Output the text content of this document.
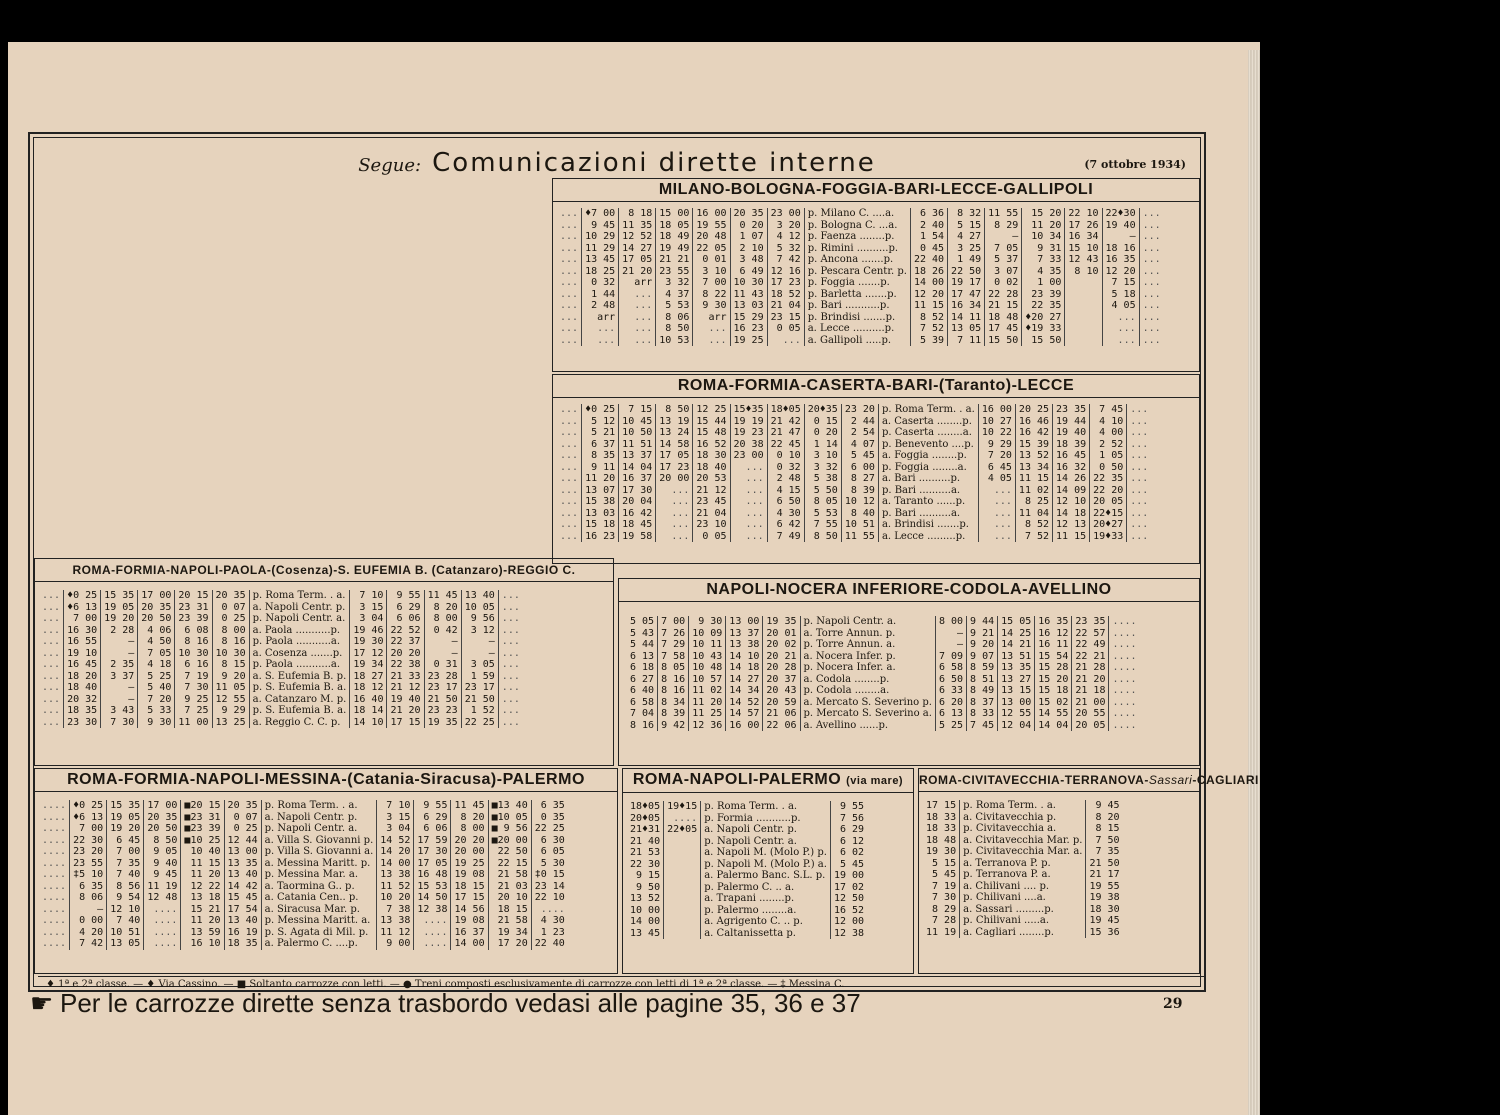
Segue: Comunicazioni dirette interne	(7 ottobre 1934)
MILANO-BOLOGNA-FOGGIA-BARI-LECCE-GALLIPOLI
...	♦7 00	8 18	15 00	16 00	20 35	23 00	p. Milano C. ....a.	6 36	8 32	11 55	15 20	22 10	22♦30	...
...	9 45	11 35	18 05	19 55	0 20	3 20	p. Bologna C. ...a.	2 40	5 15	8 29	11 20	17 26	19 40	...
...	10 29	12 52	18 49	20 48	1 07	4 12	p. Faenza ........p.	1 54	4 27	—	10 34	16 34	—	...
...	11 29	14 27	19 49	22 05	2 10	5 32	p. Rimini ..........p.	0 45	3 25	7 05	9 31	15 10	18 16	...
...	13 45	17 05	21 21	0 01	3 48	7 42	p. Ancona .......p.	22 40	1 49	5 37	7 33	12 43	16 35	...
...	18 25	21 20	23 55	3 10	6 49	12 16	p. Pescara Centr. p.	18 26	22 50	3 07	4 35	8 10	12 20	...
...	0 32	arr	3 32	7 00	10 30	17 23	p. Foggia .......p.	14 00	19 17	0 02	1 00		7 15	...
...	1 44	...	4 37	8 22	11 43	18 52	p. Barletta .......p.	12 20	17 47	22 28	23 39		5 18	...
...	2 48	...	5 53	9 30	13 03	21 04	p. Bari ...........p.	11 15	16 34	21 15	22 35		4 05	...
...	arr	...	8 06	arr	15 29	23 15	p. Brindisi .......p.	8 52	14 11	18 48	♦20 27		...	...
...	...	...	8 50	...	16 23	0 05	a. Lecce ..........p.	7 52	13 05	17 45	♦19 33		...	...
...	...	...	10 53	...	19 25	...	a. Gallipoli .....p.	5 39	7 11	15 50	15 50		...	...
ROMA-FORMIA-CASERTA-BARI-(Taranto)-LECCE
...	♦0 25	7 15	8 50	12 25	15♦35	18♦05	20♦35	23 20	p. Roma Term. . a.	16 00	20 25	23 35	7 45	...
...	5 12	10 45	13 19	15 44	19 19	21 42	0 15	2 44	a. Caserta ........p.	10 27	16 46	19 44	4 10	...
...	5 21	10 50	13 24	15 48	19 23	21 47	0 20	2 54	p. Caserta ........a.	10 22	16 42	19 40	4 00	...
...	6 37	11 51	14 58	16 52	20 38	22 45	1 14	4 07	p. Benevento ....p.	9 29	15 39	18 39	2 52	...
...	8 35	13 37	17 05	18 30	23 00	0 10	3 10	5 45	a. Foggia ........p.	7 20	13 52	16 45	1 05	...
...	9 11	14 04	17 23	18 40	...	0 32	3 32	6 00	p. Foggia ........a.	6 45	13 34	16 32	0 50	...
...	11 20	16 37	20 00	20 53	...	2 48	5 38	8 27	a. Bari ..........p.	4 05	11 15	14 26	22 35	...
...	13 07	17 30	...	21 12	...	4 15	5 50	8 39	p. Bari ..........a.	...	11 02	14 09	22 20	...
...	15 38	20 04	...	23 45	...	6 50	8 05	10 12	a. Taranto ......p.	...	8 25	12 10	20 05	...
...	13 03	16 42	...	21 04	...	4 30	5 53	8 40	p. Bari ..........a.	...	11 04	14 18	22♦15	...
...	15 18	18 45	...	23 10	...	6 42	7 55	10 51	a. Brindisi .......p.	...	8 52	12 13	20♦27	...
...	16 23	19 58	...	0 05	...	7 49	8 50	11 55	a. Lecce .........p.	...	7 52	11 15	19♦33	...
ROMA-FORMIA-NAPOLI-PAOLA-(Cosenza)-S. EUFEMIA B. (Catanzaro)-REGGIO C.
...	♦0 25	15 35	17 00	20 15	20 35	p. Roma Term. . a.	7 10	9 55	11 45	13 40	...
...	♦6 13	19 05	20 35	23 31	0 07	a. Napoli Centr. p.	3 15	6 29	8 20	10 05	...
...	7 00	19 20	20 50	23 39	0 25	p. Napoli Centr. a.	3 04	6 06	8 00	9 56	...
...	16 30	2 28	4 06	6 08	8 00	a. Paola ...........p.	19 46	22 52	0 42	3 12	...
...	16 55	—	4 50	8 16	8 16	p. Paola ...........a.	19 30	22 37	—	—	...
...	19 10	—	7 05	10 30	10 30	a. Cosenza .......p.	17 12	20 20	—	—	...
...	16 45	2 35	4 18	6 16	8 15	p. Paola ...........a.	19 34	22 38	0 31	3 05	...
...	18 20	3 37	5 25	7 19	9 20	a. S. Eufemia B. p.	18 27	21 33	23 28	1 59	...
...	18 40	—	5 40	7 30	11 05	p. S. Eufemia B. a.	18 12	21 12	23 17	23 17	...
...	20 32	—	7 20	9 25	12 55	a. Catanzaro M. p.	16 40	19 40	21 50	21 50	...
...	18 35	3 43	5 33	7 25	9 29	p. S. Eufemia B. a.	18 14	21 20	23 23	1 52	...
...	23 30	7 30	9 30	11 00	13 25	a. Reggio C. C. p.	14 10	17 15	19 35	22 25	...
NAPOLI-NOCERA INFERIORE-CODOLA-AVELLINO
5 05	7 00	9 30	13 00	19 35	p. Napoli Centr. a.	8 00	9 44	15 05	16 35	23 35	....
5 43	7 26	10 09	13 37	20 01	a. Torre Annun. p.	—	9 21	14 25	16 12	22 57	....
5 44	7 29	10 11	13 38	20 02	p. Torre Annun. a.	—	9 20	14 21	16 11	22 49	....
6 13	7 58	10 43	14 10	20 21	a. Nocera Infer. p.	7 09	9 07	13 51	15 54	22 21	....
6 18	8 05	10 48	14 18	20 28	p. Nocera Infer. a.	6 58	8 59	13 35	15 28	21 28	....
6 27	8 16	10 57	14 27	20 37	a. Codola ........p.	6 50	8 51	13 27	15 20	21 20	....
6 40	8 16	11 02	14 34	20 43	p. Codola ........a.	6 33	8 49	13 15	15 18	21 18	....
6 58	8 34	11 20	14 52	20 59	a. Mercato S. Severino p.	6 20	8 37	13 00	15 02	21 00	....
7 04	8 39	11 25	14 57	21 06	p. Mercato S. Severino a.	6 13	8 33	12 55	14 55	20 55	....
8 16	9 42	12 36	16 00	22 06	a. Avellino ......p.	5 25	7 45	12 04	14 04	20 05	....
ROMA-FORMIA-NAPOLI-MESSINA-(Catania-Siracusa)-PALERMO
....	♦0 25	15 35	17 00	■20 15	20 35	p. Roma Term. . a.	7 10	9 55	11 45	■13 40	6 35
....	♦6 13	19 05	20 35	■23 31	0 07	a. Napoli Centr. p.	3 15	6 29	8 20	■10 05	0 35
....	7 00	19 20	20 50	■23 39	0 25	p. Napoli Centr. a.	3 04	6 06	8 00	■ 9 56	22 25
....	22 30	6 45	8 50	■10 25	12 44	a. Villa S. Giovanni p.	14 52	17 59	20 20	■20 00	6 30
....	23 20	7 00	9 05	10 40	13 00	p. Villa S. Giovanni a.	14 20	17 30	20 00	22 50	6 05
....	23 55	7 35	9 40	11 15	13 35	a. Messina Maritt. p.	14 00	17 05	19 25	22 15	5 30
....	‡5 10	7 40	9 45	11 20	13 40	p. Messina Mar. a.	13 38	16 48	19 08	21 58	‡0 15
....	6 35	8 56	11 19	12 22	14 42	a. Taormina G.. p.	11 52	15 53	18 15	21 03	23 14
....	8 06	9 54	12 48	13 18	15 45	a. Catania Cen.. p.	10 20	14 50	17 15	20 10	22 10
....	—	12 10	....	15 21	17 54	a. Siracusa Mar. p.	7 38	12 38	14 56	18 15	....
....	0 00	7 40	....	11 20	13 40	p. Messina Maritt. a.	13 38	....	19 08	21 58	4 30
....	4 20	10 51	....	13 59	16 19	p. S. Agata di Mil. p.	11 12	....	16 37	19 34	1 23
....	7 42	13 05	....	16 10	18 35	a. Palermo C. ....p.	9 00	....	14 00	17 20	22 40
ROMA-NAPOLI-PALERMO (via mare)
18♦05	19♦15	p. Roma Term. . a.	9 55
20♦05	....	p. Formia ...........p.	7 56
21♦31	22♦05	a. Napoli Centr. p.	6 29
21 40		p. Napoli Centr. a.	6 12
21 53		a. Napoli M. (Molo P.) p.	6 02
22 30		p. Napoli M. (Molo P.) a.	5 45
9 15		a. Palermo Banc. S.L. p.	19 00
9 50		p. Palermo C. .. a.	17 02
13 52		a. Trapani ........p.	12 50
10 00		p. Palermo ........a.	16 52
14 00		a. Agrigento C. .. p.	12 00
13 45		a. Caltanissetta p.	12 38
ROMA-CIVITAVECCHIA-TERRANOVA-Sassari-CAGLIARI
17 15	p. Roma Term. . a.	9 45
18 33	a. Civitavecchia p.	8 20
18 33	p. Civitavecchia a.	8 15
18 48	a. Civitavecchia Mar. p.	7 50
19 30	p. Civitavecchia Mar. a.	7 35
5 15	a. Terranova P. p.	21 50
5 45	p. Terranova P. a.	21 17
7 19	a. Chilivani .... p.	19 55
7 30	p. Chilivani ....a.	19 38
8 29	a. Sassari .........p.	18 30
7 28	p. Chilivani .....a.	19 45
11 19	a. Cagliari ........p.	15 36
♦ 1ª e 2ª classe. — ♦ Via Cassino. — ■ Soltanto carrozze con letti. — ● Treni composti esclusivamente di carrozze con letti di 1ª e 2ª classe. — ‡ Messina C.
☛ Per le carrozze dirette senza trasbordo vedasi alle pagine 35, 36 e 37	29
